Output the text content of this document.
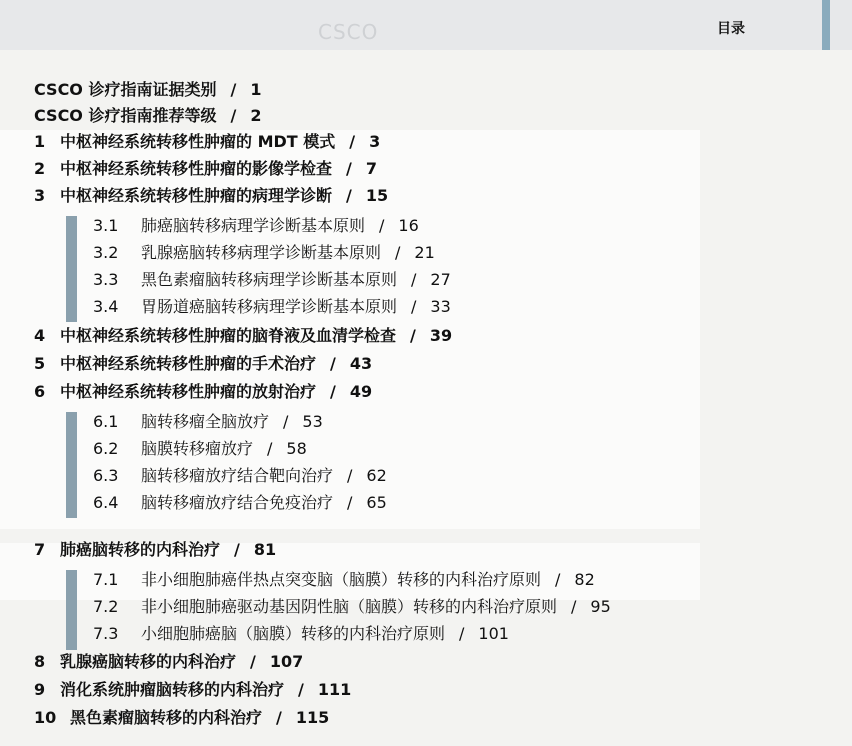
CSCO	目录
CSCO 诊疗指南证据类别 / 1
CSCO 诊疗指南推荐等级 / 2
1 中枢神经系统转移性肿瘤的 MDT 模式 / 3
2 中枢神经系统转移性肿瘤的影像学检查 / 7
3 中枢神经系统转移性肿瘤的病理学诊断 / 15
3.1 肺癌脑转移病理学诊断基本原则 / 16
3.2 乳腺癌脑转移病理学诊断基本原则 / 21
3.3 黑色素瘤脑转移病理学诊断基本原则 / 27
3.4 胃肠道癌脑转移病理学诊断基本原则 / 33
4 中枢神经系统转移性肿瘤的脑脊液及血清学检查 / 39
5 中枢神经系统转移性肿瘤的手术治疗 / 43
6 中枢神经系统转移性肿瘤的放射治疗 / 49
6.1 脑转移瘤全脑放疗 / 53
6.2 脑膜转移瘤放疗 / 58
6.3 脑转移瘤放疗结合靶向治疗 / 62
6.4 脑转移瘤放疗结合免疫治疗 / 65
7 肺癌脑转移的内科治疗 / 81
7.1 非小细胞肺癌伴热点突变脑（脑膜）转移的内科治疗原则 / 82
7.2 非小细胞肺癌驱动基因阴性脑（脑膜）转移的内科治疗原则 / 95
7.3 小细胞肺癌脑（脑膜）转移的内科治疗原则 / 101
8 乳腺癌脑转移的内科治疗 / 107
9 消化系统肿瘤脑转移的内科治疗 / 111
10 黑色素瘤脑转移的内科治疗 / 115
